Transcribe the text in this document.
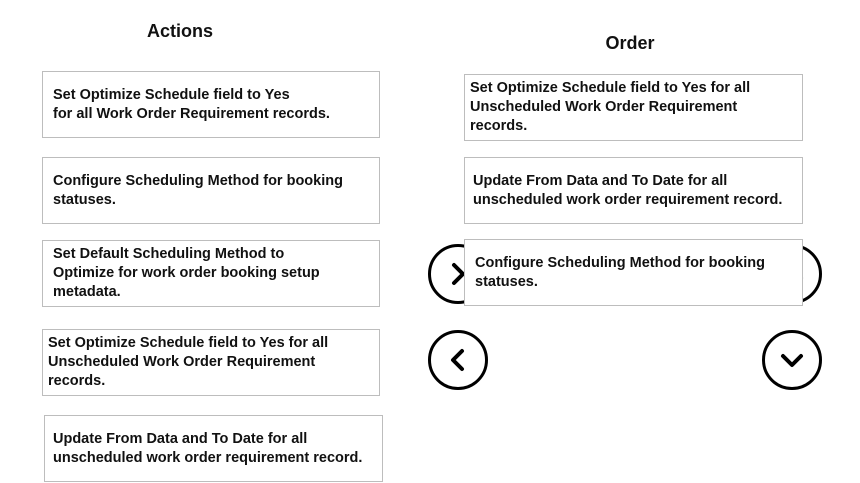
Actions
Order
Set Optimize Schedule field to Yes
for all Work Order Requirement records.
Configure Scheduling Method for booking
statuses.
Set Default Scheduling Method to
Optimize for work order booking setup
metadata.
Set Optimize Schedule field to Yes for all
Unscheduled Work Order Requirement
records.
Update From Data and To Date for all
unscheduled work order requirement record.
Set Optimize Schedule field to Yes for all
Unscheduled Work Order Requirement
records.
Update From Data and To Date for all
unscheduled work order requirement record.
Configure Scheduling Method for booking
statuses.
